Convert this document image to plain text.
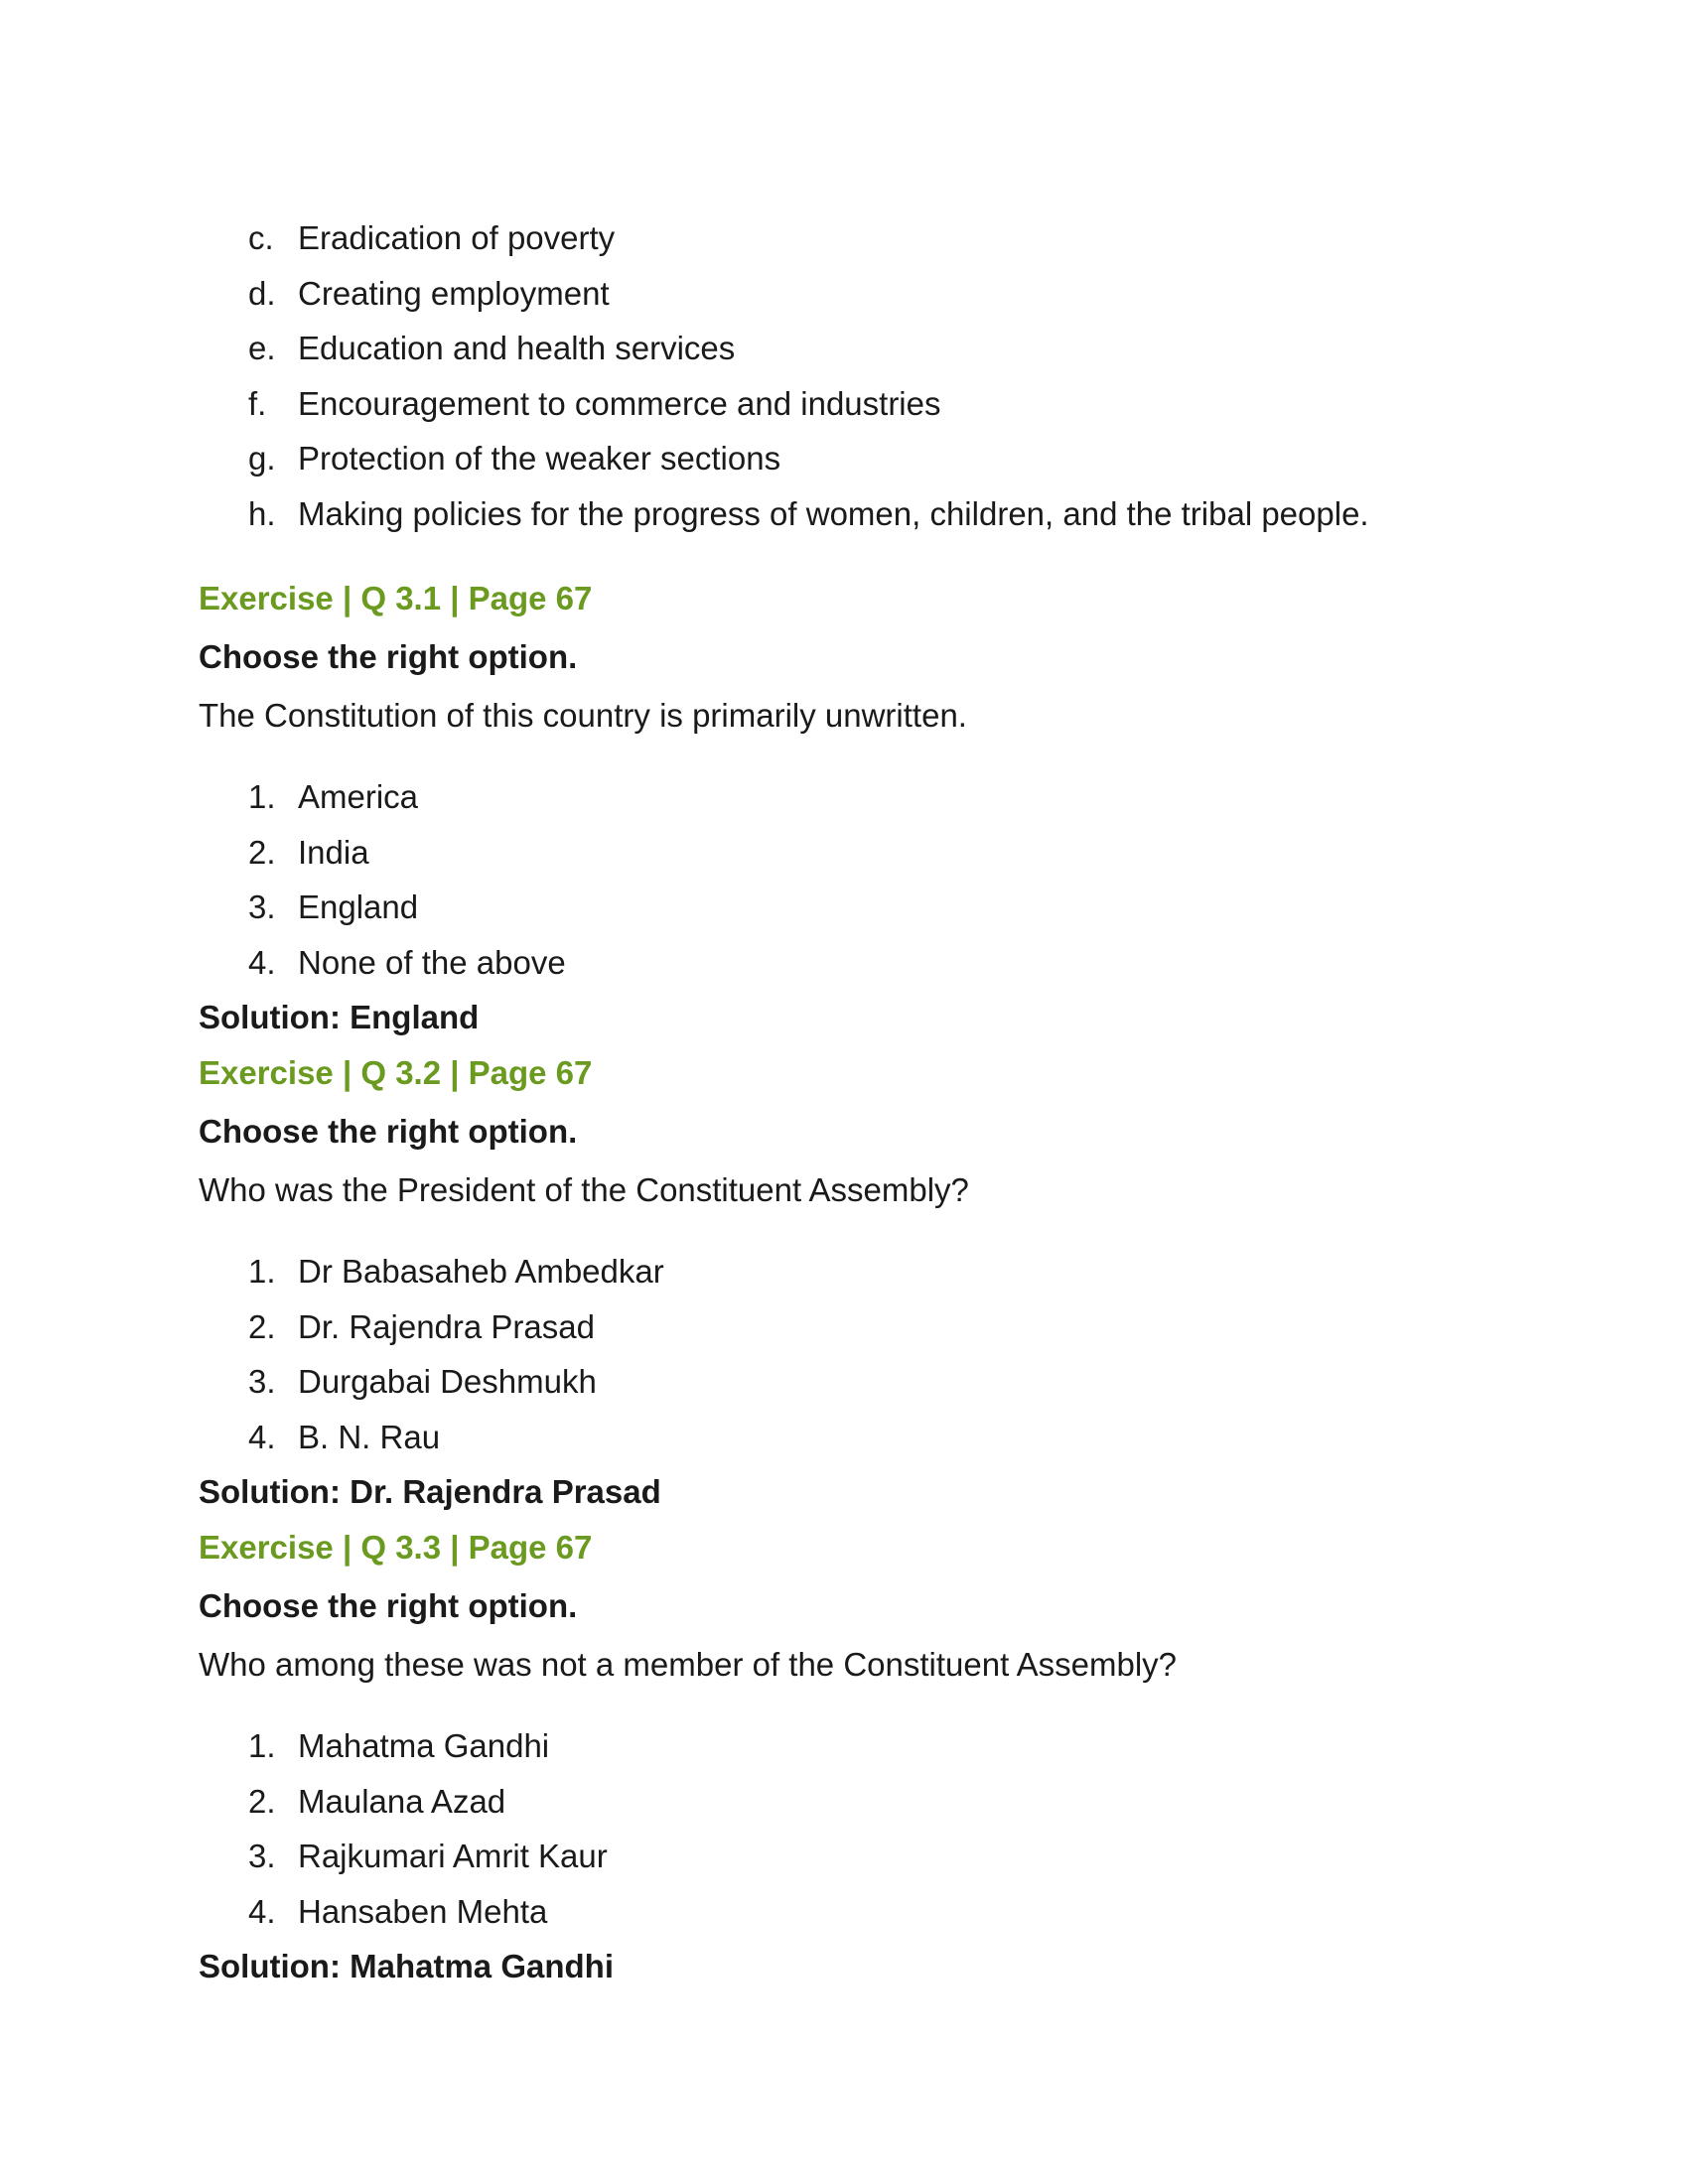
c. Eradication of poverty
d. Creating employment
e. Education and health services
f. Encouragement to commerce and industries
g. Protection of the weaker sections
h. Making policies for the progress of women, children, and the tribal people.
Exercise | Q 3.1 | Page 67
Choose the right option.
The Constitution of this country is primarily unwritten.
1. America
2. India
3. England
4. None of the above
Solution: England
Exercise | Q 3.2 | Page 67
Choose the right option.
Who was the President of the Constituent Assembly?
1. Dr Babasaheb Ambedkar
2. Dr. Rajendra Prasad
3. Durgabai Deshmukh
4. B. N. Rau
Solution: Dr. Rajendra Prasad
Exercise | Q 3.3 | Page 67
Choose the right option.
Who among these was not a member of the Constituent Assembly?
1. Mahatma Gandhi
2. Maulana Azad
3. Rajkumari Amrit Kaur
4. Hansaben Mehta
Solution: Mahatma Gandhi
